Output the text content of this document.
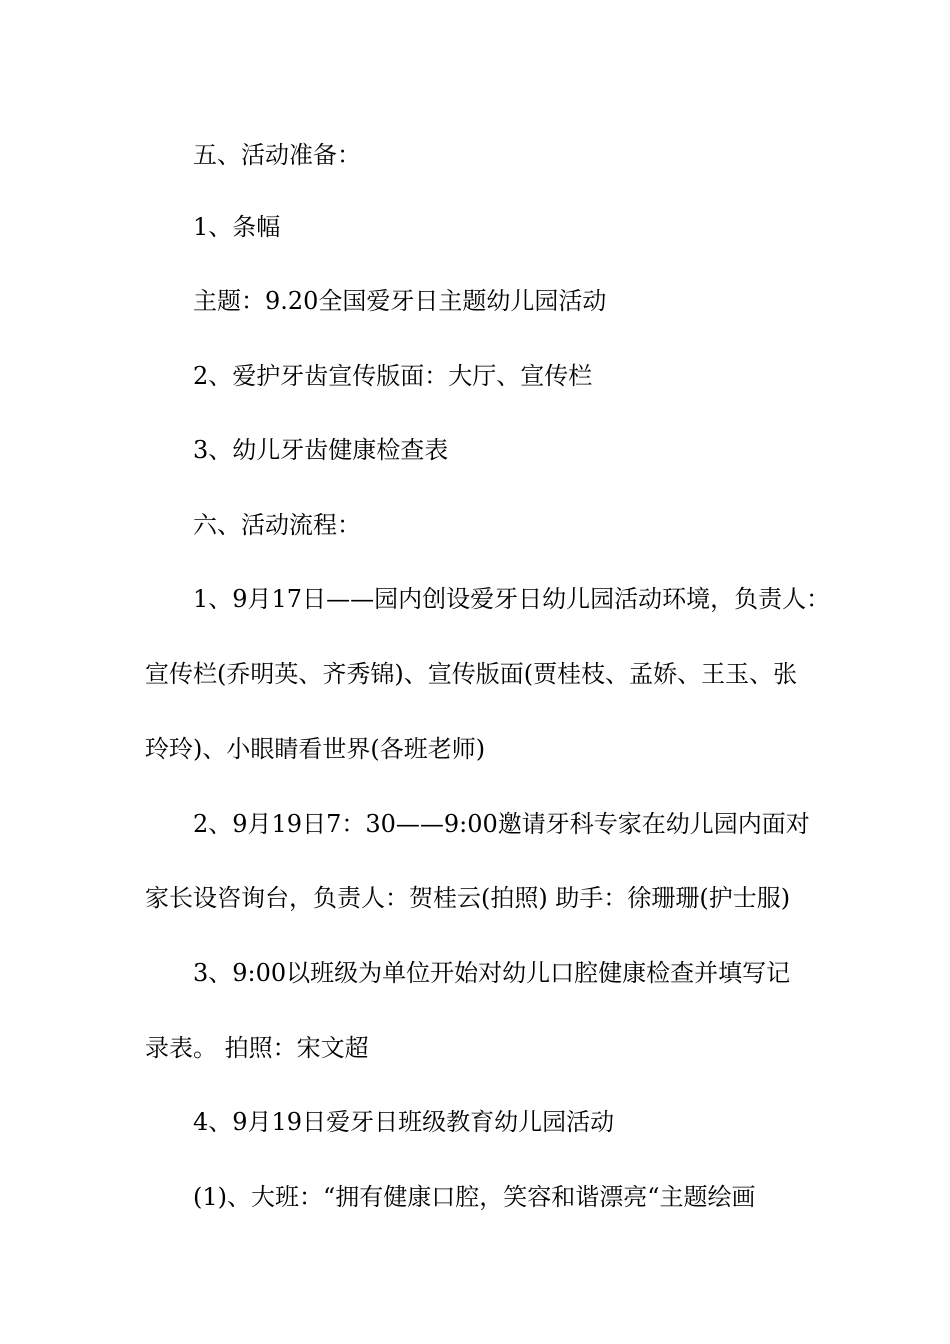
五、活动准备：
1、条幅
主题：9.20全国爱牙日主题幼儿园活动
2、爱护牙齿宣传版面：大厅、宣传栏
3、幼儿牙齿健康检查表
六、活动流程：
1、9月17日——园内创设爱牙日幼儿园活动环境，负责人：
宣传栏(乔明英、齐秀锦)、宣传版面(贾桂枝、孟娇、王玉、张
玲玲)、小眼睛看世界(各班老师)
2、9月19日7：30——9:00邀请牙科专家在幼儿园内面对
家长设咨询台，负责人：贺桂云(拍照) 助手：徐珊珊(护士服)
3、9:00以班级为单位开始对幼儿口腔健康检查并填写记
录表。 拍照：宋文超
4、9月19日爱牙日班级教育幼儿园活动
(1)、大班：“拥有健康口腔，笑容和谐漂亮“主题绘画
